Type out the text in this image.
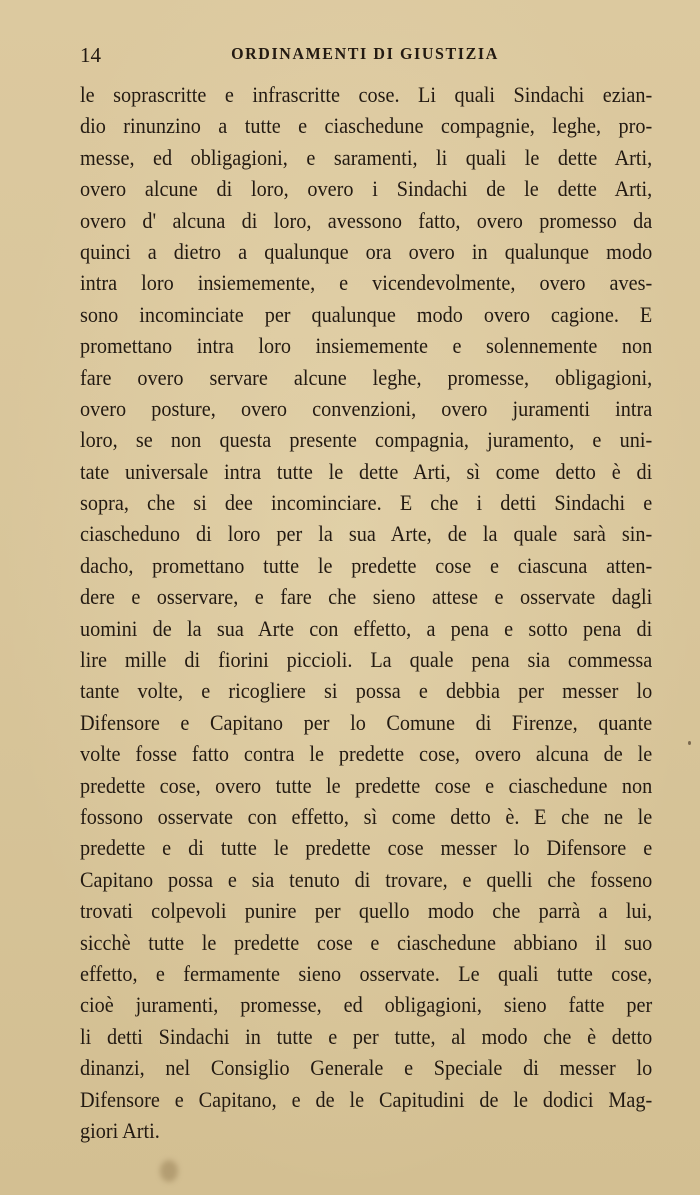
14	ORDINAMENTI DI GIUSTIZIA
le soprascritte e infrascritte cose. Li quali Sindachi ezian-
dio rinunzino a tutte e ciaschedune compagnie, leghe, pro-
messe, ed obligagioni, e saramenti, li quali le dette Arti,
overo alcune di loro, overo i Sindachi de le dette Arti,
overo d' alcuna di loro, avessono fatto, overo promesso da
quinci a dietro a qualunque ora overo in qualunque modo
intra loro insiememente, e vicendevolmente, overo aves-
sono incominciate per qualunque modo overo cagione. E
promettano intra loro insiememente e solennemente non
fare overo servare alcune leghe, promesse, obligagioni,
overo posture, overo convenzioni, overo juramenti intra
loro, se non questa presente compagnia, juramento, e uni-
tate universale intra tutte le dette Arti, sì come detto è di
sopra, che si dee incominciare. E che i detti Sindachi e
ciascheduno di loro per la sua Arte, de la quale sarà sin-
dacho, promettano tutte le predette cose e ciascuna atten-
dere e osservare, e fare che sieno attese e osservate dagli
uomini de la sua Arte con effetto, a pena e sotto pena di
lire mille di fiorini piccioli. La quale pena sia commessa
tante volte, e ricogliere si possa e debbia per messer lo
Difensore e Capitano per lo Comune di Firenze, quante
volte fosse fatto contra le predette cose, overo alcuna de le
predette cose, overo tutte le predette cose e ciaschedune non
fossono osservate con effetto, sì come detto è. E che ne le
predette e di tutte le predette cose messer lo Difensore e
Capitano possa e sia tenuto di trovare, e quelli che fosseno
trovati colpevoli punire per quello modo che parrà a lui,
sicchè tutte le predette cose e ciaschedune abbiano il suo
effetto, e fermamente sieno osservate. Le quali tutte cose,
cioè juramenti, promesse, ed obligagioni, sieno fatte per
li detti Sindachi in tutte e per tutte, al modo che è detto
dinanzi, nel Consiglio Generale e Speciale di messer lo
Difensore e Capitano, e de le Capitudini de le dodici Mag-
giori Arti.
